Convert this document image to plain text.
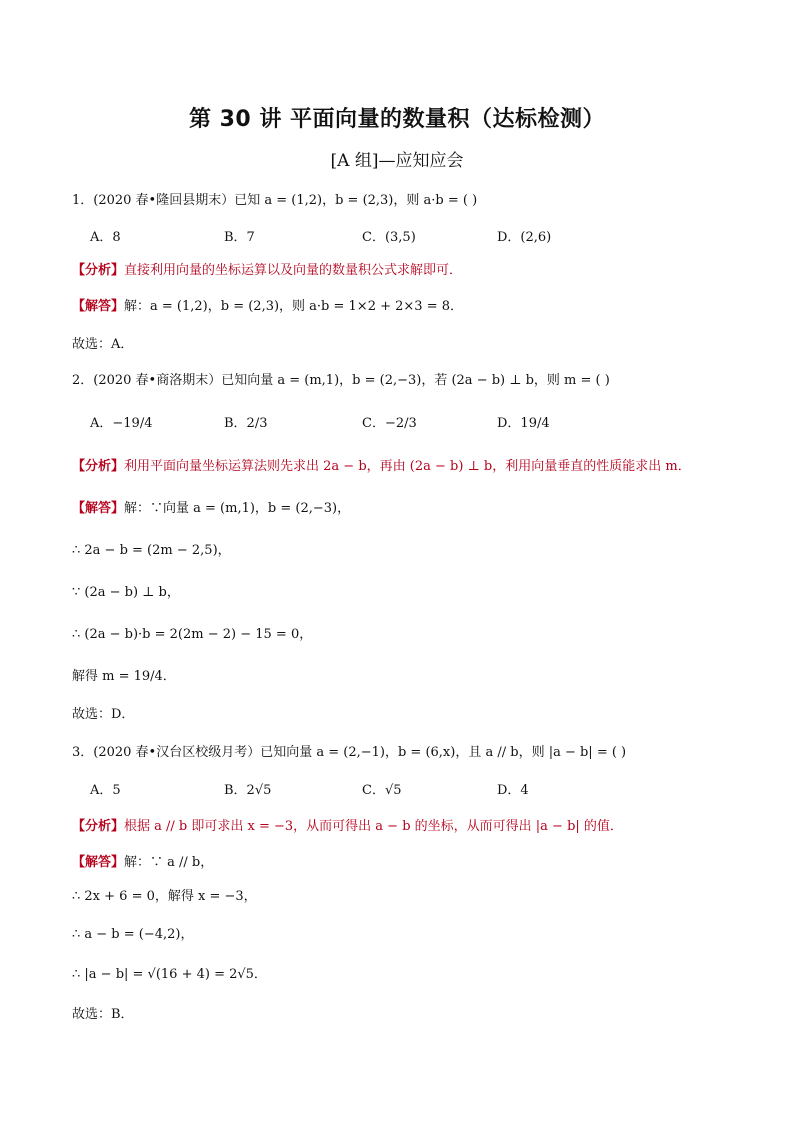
第 30 讲 平面向量的数量积（达标检测）
[A 组]—应知应会
1．(2020 春•隆回县期末）已知 a = (1,2)，b = (2,3)，则 a·b = ( )
A．8	B．7	C．(3,5)	D．(2,6)
【分析】直接利用向量的坐标运算以及向量的数量积公式求解即可．
【解答】解：a = (1,2)，b = (2,3)，则 a·b = 1×2 + 2×3 = 8．
故选：A．
2．(2020 春•商洛期末）已知向量 a = (m,1)，b = (2,−3)，若 (2a − b) ⊥ b，则 m = ( )
A．−19/4	B．2/3	C．−2/3	D．19/4
【分析】利用平面向量坐标运算法则先求出 2a − b，再由 (2a − b) ⊥ b，利用向量垂直的性质能求出 m．
【解答】解：∵向量 a = (m,1)，b = (2,−3)，
∴ 2a − b = (2m − 2,5)，
∵ (2a − b) ⊥ b，
∴ (2a − b)·b = 2(2m − 2) − 15 = 0，
解得 m = 19/4．
故选：D．
3．(2020 春•汉台区校级月考）已知向量 a = (2,−1)，b = (6,x)，且 a // b，则 |a − b| = ( )
A．5	B．2√5	C．√5	D．4
【分析】根据 a // b 即可求出 x = −3，从而可得出 a − b 的坐标，从而可得出 |a − b| 的值．
【解答】解：∵ a // b，
∴ 2x + 6 = 0，解得 x = −3，
∴ a − b = (−4,2)，
∴ |a − b| = √(16 + 4) = 2√5．
故选：B．
